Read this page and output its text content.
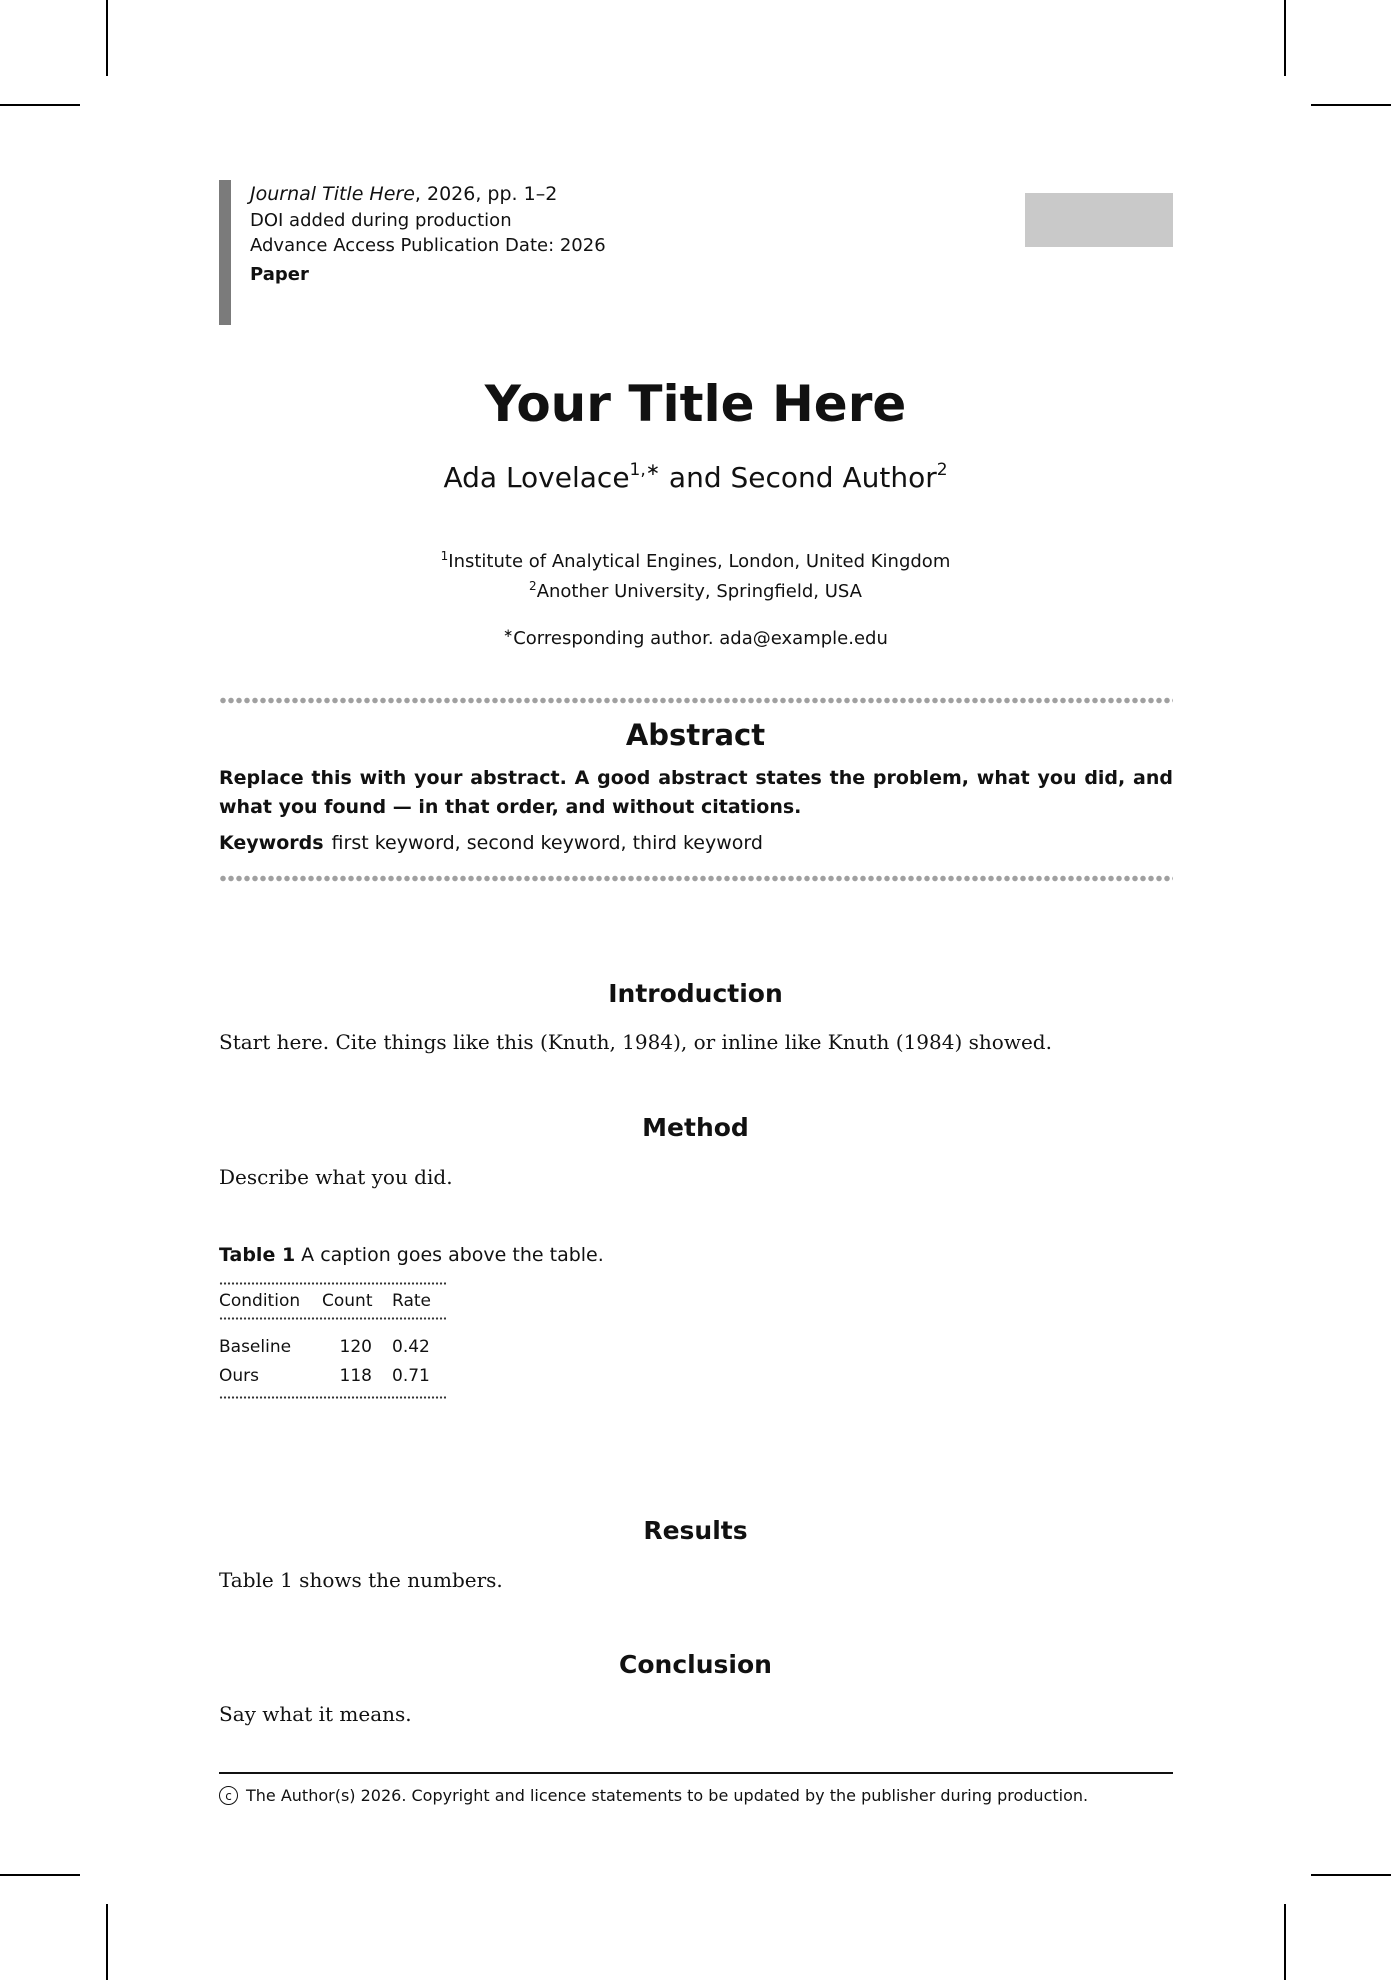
Journal Title Here, 2026, pp. 1–2
DOI added during production
Advance Access Publication Date: 2026
Paper
Your Title Here
Ada Lovelace$^{1,∗}$ and Second Author$^2$
$^1$Institute of Analytical Engines, London, United Kingdom
$^2$Another University, Springfield, USA
∗Corresponding author. ada@example.edu
Abstract
Replace this with your abstract. A good abstract states the problem, what you did, and what you found — in that order, and without citations.
Keywords first keyword, second keyword, third keyword
Introduction
Start here. Cite things like this (Knuth, 1984), or inline like Knuth (1984) showed.
Method
Describe what you did.
Table 1 A caption goes above the table.
Condition	Count	Rate
Baseline	120	0.42
Ours	118	0.71
Results
Table 1 shows the numbers.
Conclusion
Say what it means.
c The Author(s) 2026. Copyright and licence statements to be updated by the publisher during production.
